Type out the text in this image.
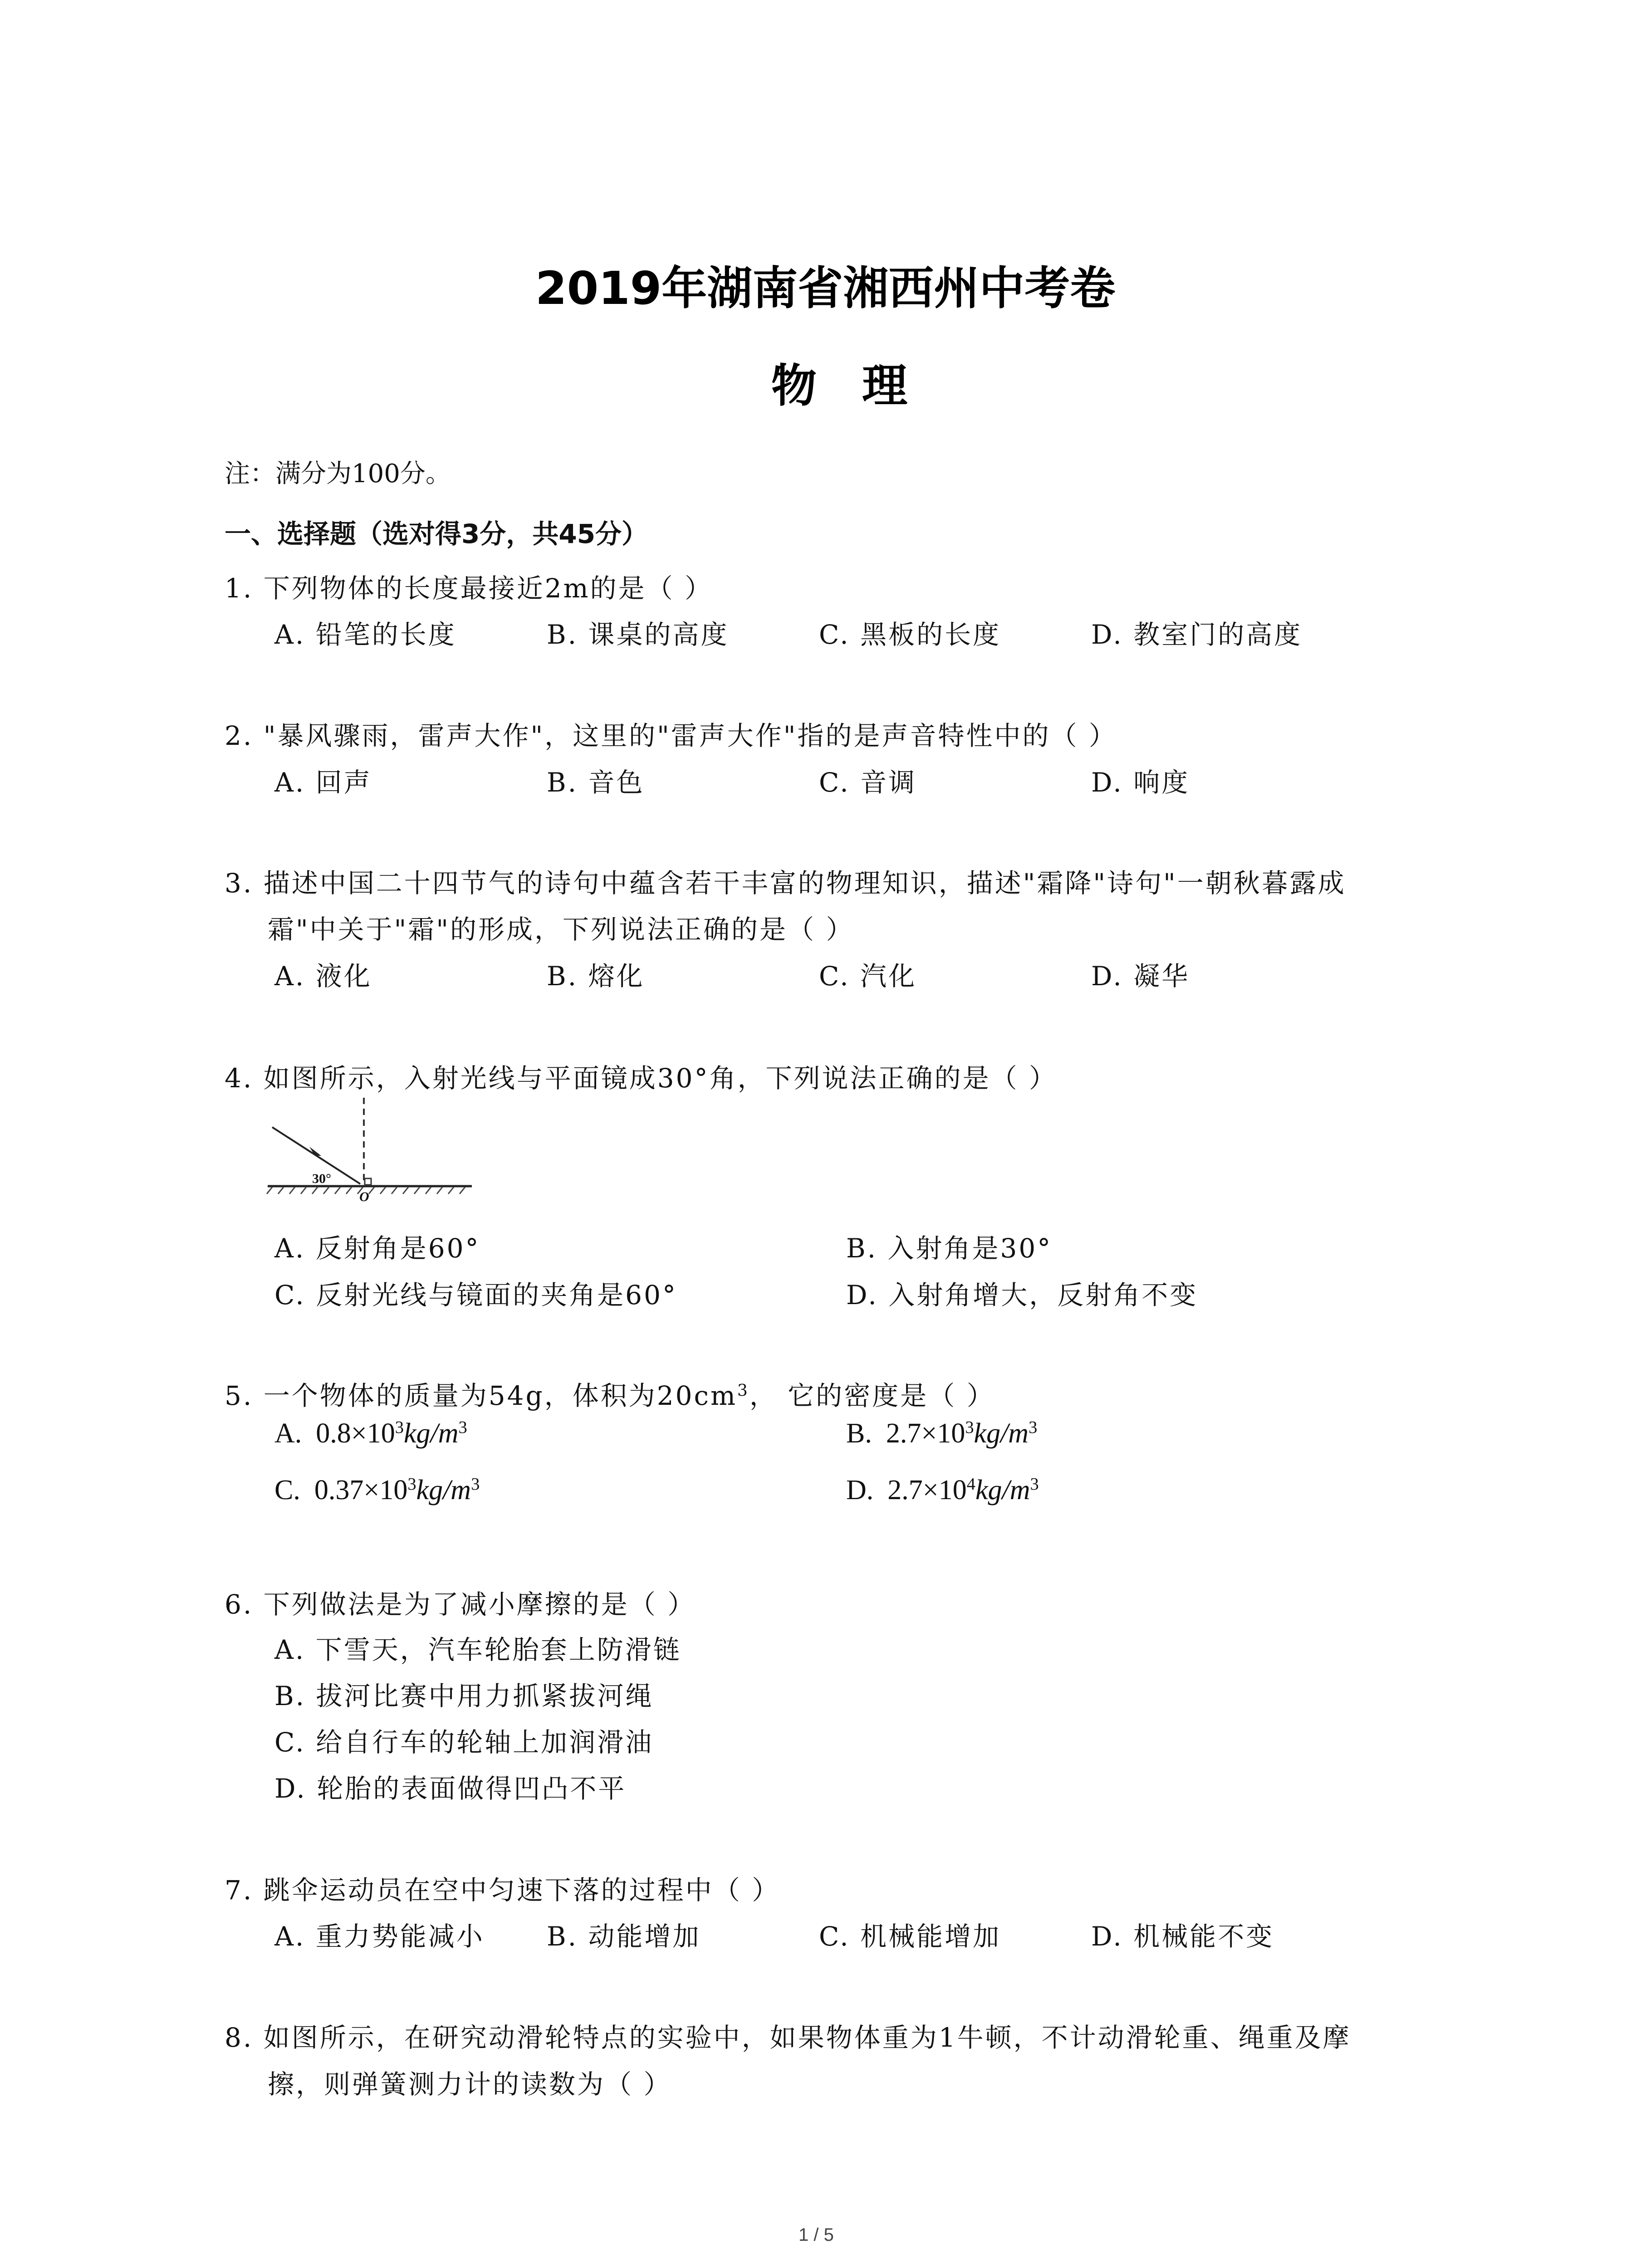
2019年湖南省湘西州中考卷
物理
注：满分为100分。
一、选择题（选对得3分，共45分）
1. 下列物体的长度最接近2m的是（ ）
A. 铅笔的长度	B. 课桌的高度	C. 黑板的长度	D. 教室门的高度
2. "暴风骤雨，雷声大作"，这里的"雷声大作"指的是声音特性中的（ ）
A. 回声	B. 音色	C. 音调	D. 响度
3. 描述中国二十四节气的诗句中蕴含若干丰富的物理知识，描述"霜降"诗句"一朝秋暮露成
霜"中关于"霜"的形成，下列说法正确的是（ ）
A. 液化	B. 熔化	C. 汽化	D. 凝华
4. 如图所示，入射光线与平面镜成30°角，下列说法正确的是（ ）
30°
O
A. 反射角是60°	B. 入射角是30°
C. 反射光线与镜面的夹角是60°	D. 入射角增大，反射角不变
5. 一个物体的质量为54g，体积为$20cm^3$， 它的密度是（ ）
A. $0.8\times 10^3kg/m^3$	B. $2.7\times 10^3kg/m^3$
C. $0.37\times 10^3kg/m^3$	D. $2.7\times 10^4kg/m^3$
6. 下列做法是为了减小摩擦的是（ ）
A. 下雪天，汽车轮胎套上防滑链
B. 拔河比赛中用力抓紧拔河绳
C. 给自行车的轮轴上加润滑油
D. 轮胎的表面做得凹凸不平
7. 跳伞运动员在空中匀速下落的过程中（ ）
A. 重力势能减小 B. 动能增加	C. 机械能增加	D. 机械能不变
8. 如图所示，在研究动滑轮特点的实验中，如果物体重为1牛顿，不计动滑轮重、绳重及摩
擦，则弹簧测力计的读数为（ ）
1 / 5
